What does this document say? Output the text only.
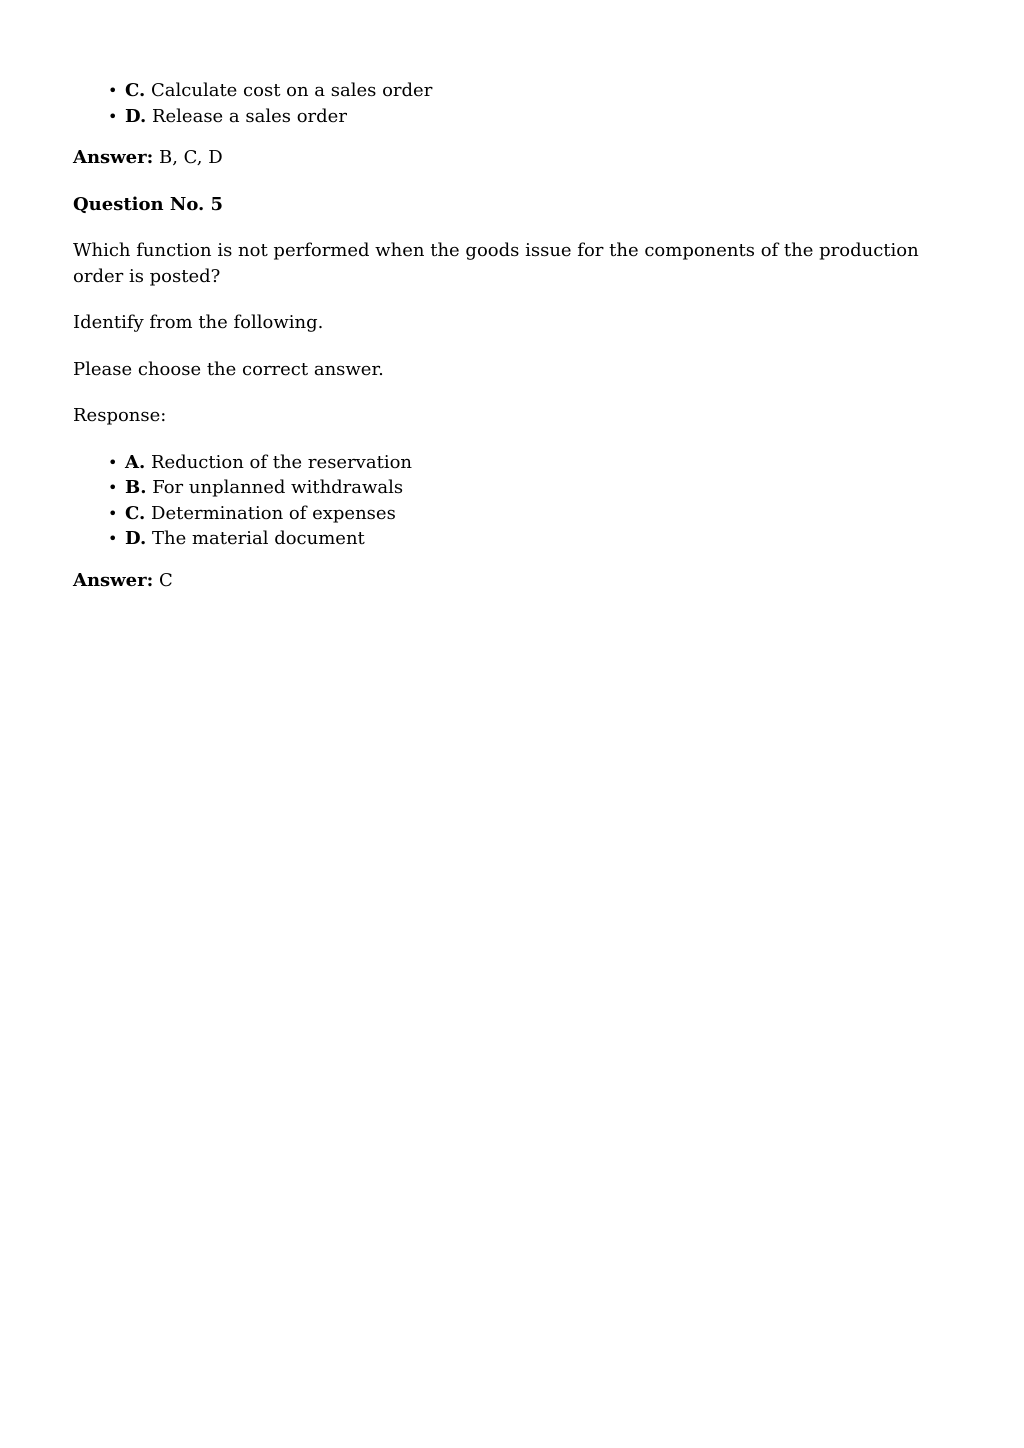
• C. Calculate cost on a sales order
• D. Release a sales order

Answer: B, C, D

Question No. 5

Which function is not performed when the goods issue for the components of the production order is posted?

Identify from the following.

Please choose the correct answer.

Response:

• A. Reduction of the reservation
• B. For unplanned withdrawals
• C. Determination of expenses
• D. The material document

Answer: C
